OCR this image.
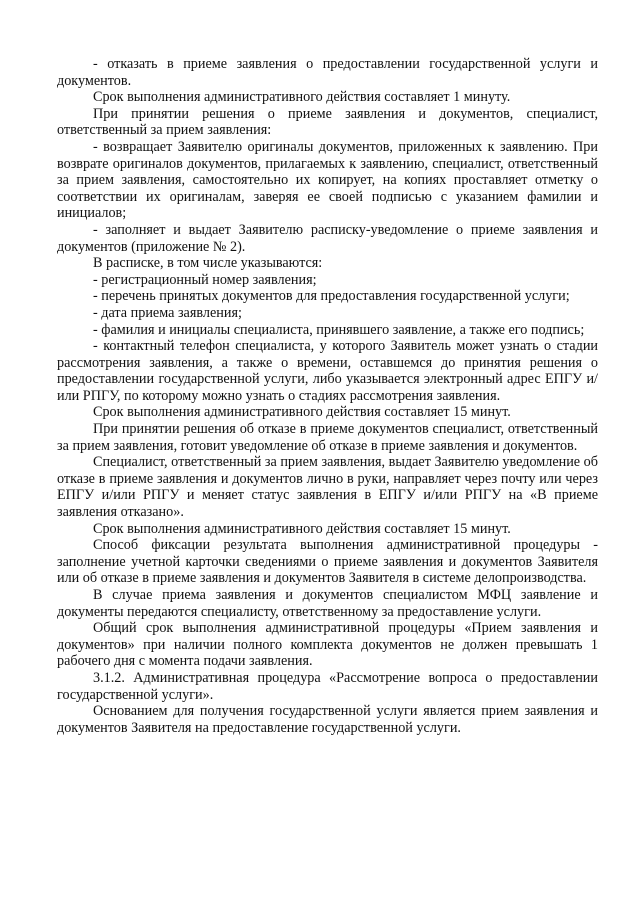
- отказать в приеме заявления о предоставлении государственной услуги и документов.

Срок выполнения административного действия составляет 1 минуту.

При принятии решения о приеме заявления и документов, специалист, ответственный за прием заявления:

- возвращает Заявителю оригиналы документов, приложенных к заявлению. При возврате оригиналов документов, прилагаемых к заявлению, специалист, ответственный за прием заявления, самостоятельно их копирует, на копиях проставляет отметку о соответствии их оригиналам, заверяя ее своей подписью с указанием фамилии и инициалов;

- заполняет и выдает Заявителю расписку-уведомление о приеме заявления и документов (приложение № 2).

В расписке, в том числе указываются:

- регистрационный номер заявления;

- перечень принятых документов для предоставления государственной услуги;

- дата приема заявления;

- фамилия и инициалы специалиста, принявшего заявление, а также его подпись;

- контактный телефон специалиста, у которого Заявитель может узнать о стадии рассмотрения заявления, а также о времени, оставшемся до принятия решения о предоставлении государственной услуги, либо указывается электронный адрес ЕПГУ и/или РПГУ, по которому можно узнать о стадиях рассмотрения заявления.

Срок выполнения административного действия составляет 15 минут.

При принятии решения об отказе в приеме документов специалист, ответственный за прием заявления, готовит уведомление об отказе в приеме заявления и документов.

Специалист, ответственный за прием заявления, выдает Заявителю уведомление об отказе в приеме заявления и документов лично в руки, направляет через почту или через ЕПГУ и/или РПГУ и меняет статус заявления в ЕПГУ и/или РПГУ на «В приеме заявления отказано».

Срок выполнения административного действия составляет 15 минут.

Способ фиксации результата выполнения административной процедуры - заполнение учетной карточки сведениями о приеме заявления и документов Заявителя или об отказе в приеме заявления и документов Заявителя в системе делопроизводства.

В случае приема заявления и документов специалистом МФЦ заявление и документы передаются специалисту, ответственному за предоставление услуги.

Общий срок выполнения административной процедуры «Прием заявления и документов» при наличии полного комплекта документов не должен превышать 1 рабочего дня с момента подачи заявления.

3.1.2. Административная процедура «Рассмотрение вопроса о предоставлении государственной услуги».

Основанием для получения государственной услуги является прием заявления и документов Заявителя на предоставление государственной услуги.
